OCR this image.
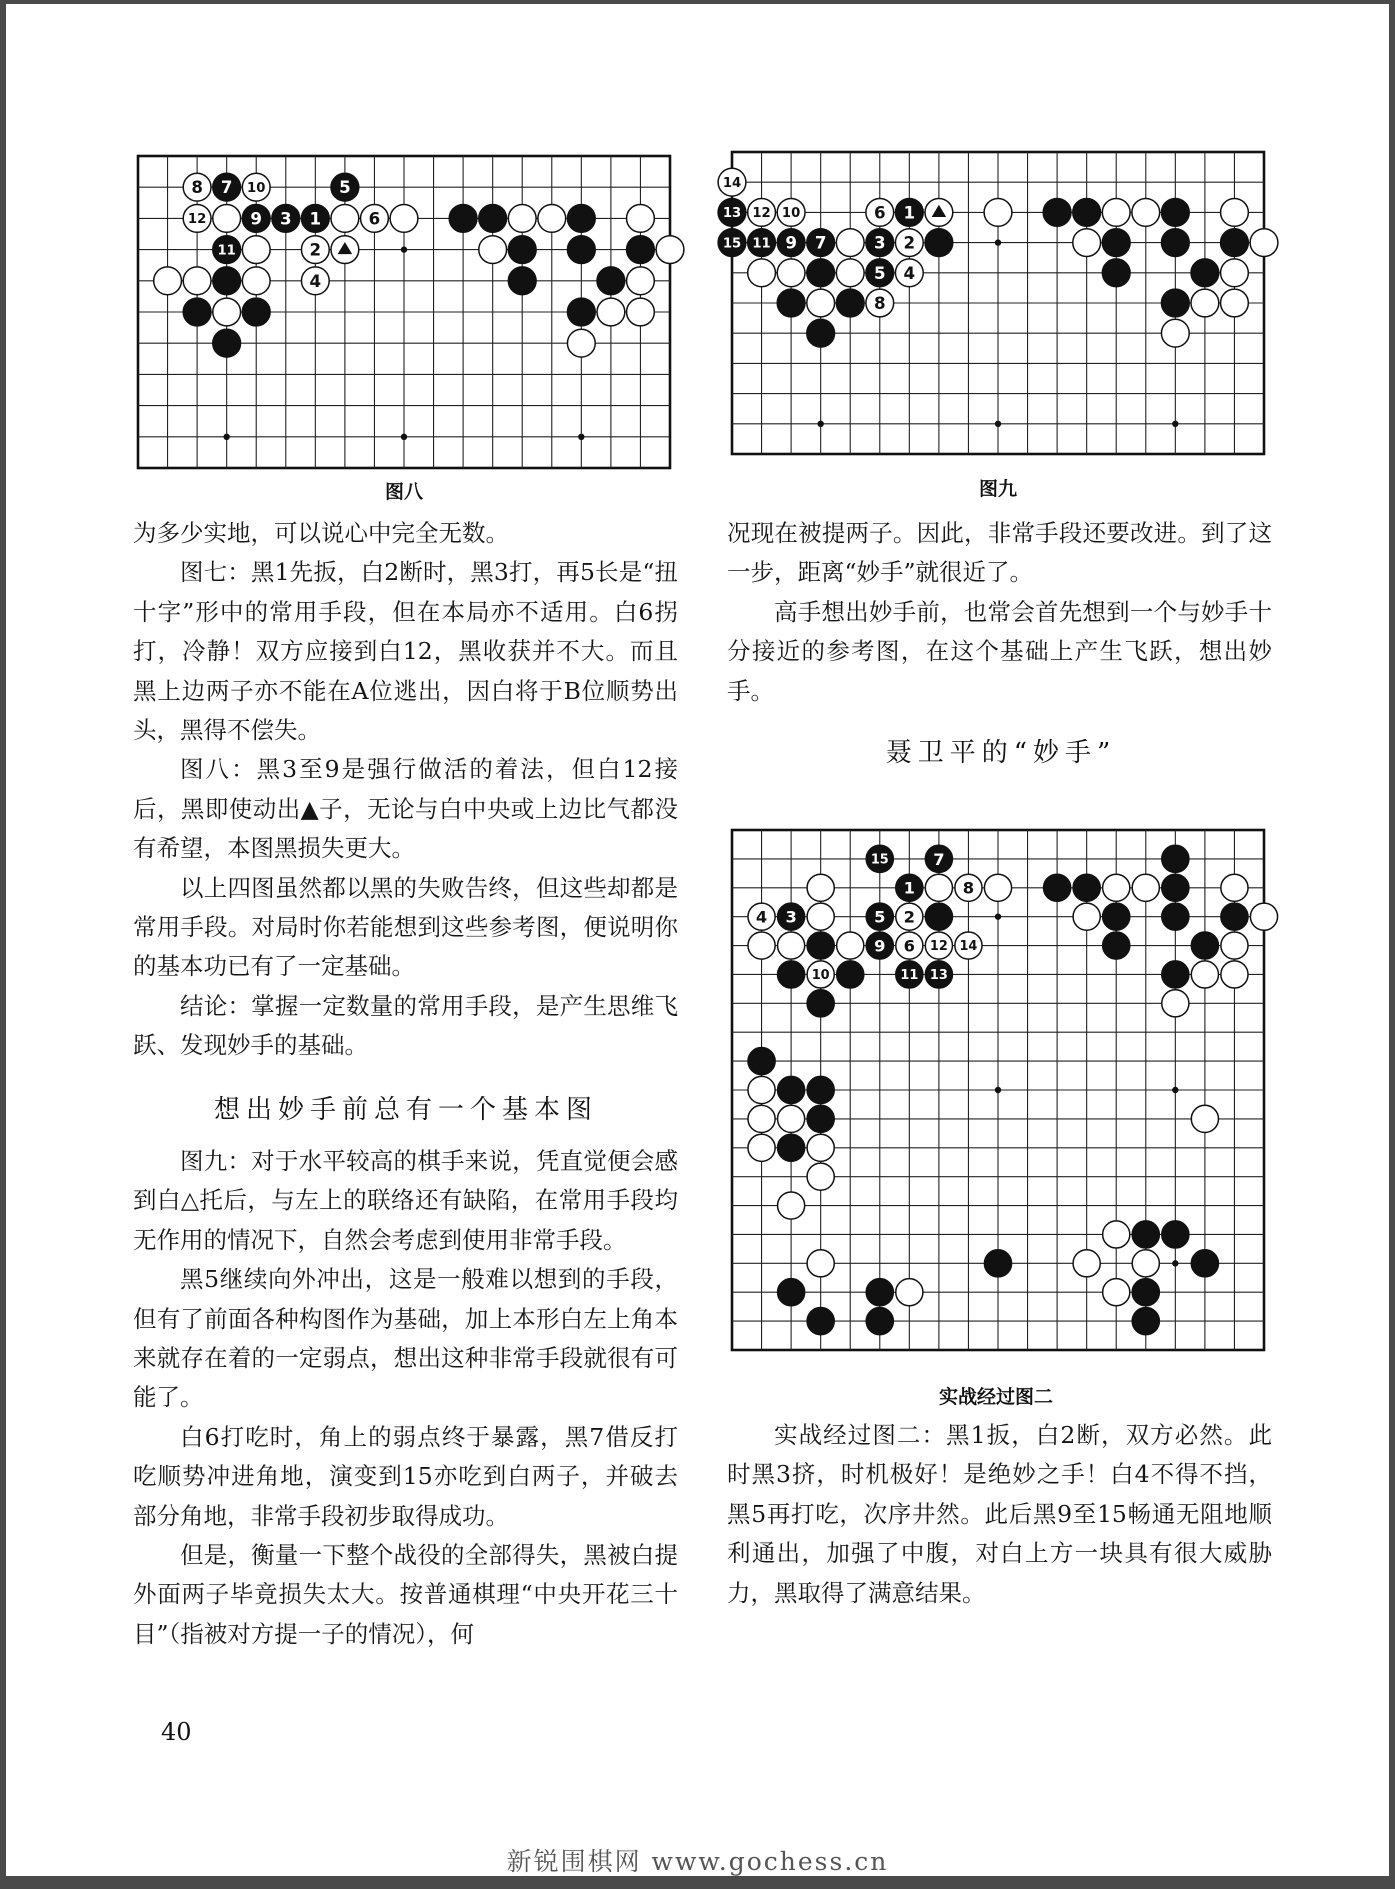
8 7 10	5
12	9 3 1	6
11	2
4
图八
14
6 1
13 12 10
15 11 9 7	3 2
5 4
8
图九
15	7
1	8
4 3	5 2
9 6 12 14
10	11 13
实战经过图二

为多少实地，可以说心中完全无数。

图七：黑1先扳，白2断时，黑3打，再5长是“扭十字”形中的常用手段，但在本局亦不适用。白6拐打，冷静！双方应接到白12，黑收获并不大。而且黑上边两子亦不能在A位逃出，因白将于B位顺势出头，黑得不偿失。

图八：黑3至9是强行做活的着法，但白12接后，黑即使动出▲子，无论与白中央或上边比气都没有希望，本图黑损失更大。

以上四图虽然都以黑的失败告终，但这些却都是常用手段。对局时你若能想到这些参考图，便说明你的基本功已有了一定基础。

结论：掌握一定数量的常用手段，是产生思维飞跃、发现妙手的基础。

想出妙手前总有一个基本图

图九：对于水平较高的棋手来说，凭直觉便会感到白△托后，与左上的联络还有缺陷，在常用手段均无作用的情况下，自然会考虑到使用非常手段。

黑5继续向外冲出，这是一般难以想到的手段，但有了前面各种构图作为基础，加上本形白左上角本来就存在着的一定弱点，想出这种非常手段就很有可能了。

白6打吃时，角上的弱点终于暴露，黑7借反打吃顺势冲进角地，演变到15亦吃到白两子，并破去部分角地，非常手段初步取得成功。

但是，衡量一下整个战役的全部得失，黑被白提外面两子毕竟损失太大。按普通棋理“中央开花三十目”（指被对方提一子的情况），何

况现在被提两子。因此，非常手段还要改进。到了这一步，距离“妙手”就很近了。

高手想出妙手前，也常会首先想到一个与妙手十分接近的参考图，在这个基础上产生飞跃，想出妙手。

聂卫平的“妙手”

实战经过图二：黑1扳，白2断，双方必然。此时黑3挤，时机极好！是绝妙之手！白4不得不挡，黑5再打吃，次序井然。此后黑9至15畅通无阻地顺利通出，加强了中腹，对白上方一块具有很大威胁力，黑取得了满意结果。

40
新锐围棋网 www.gochess.cn
